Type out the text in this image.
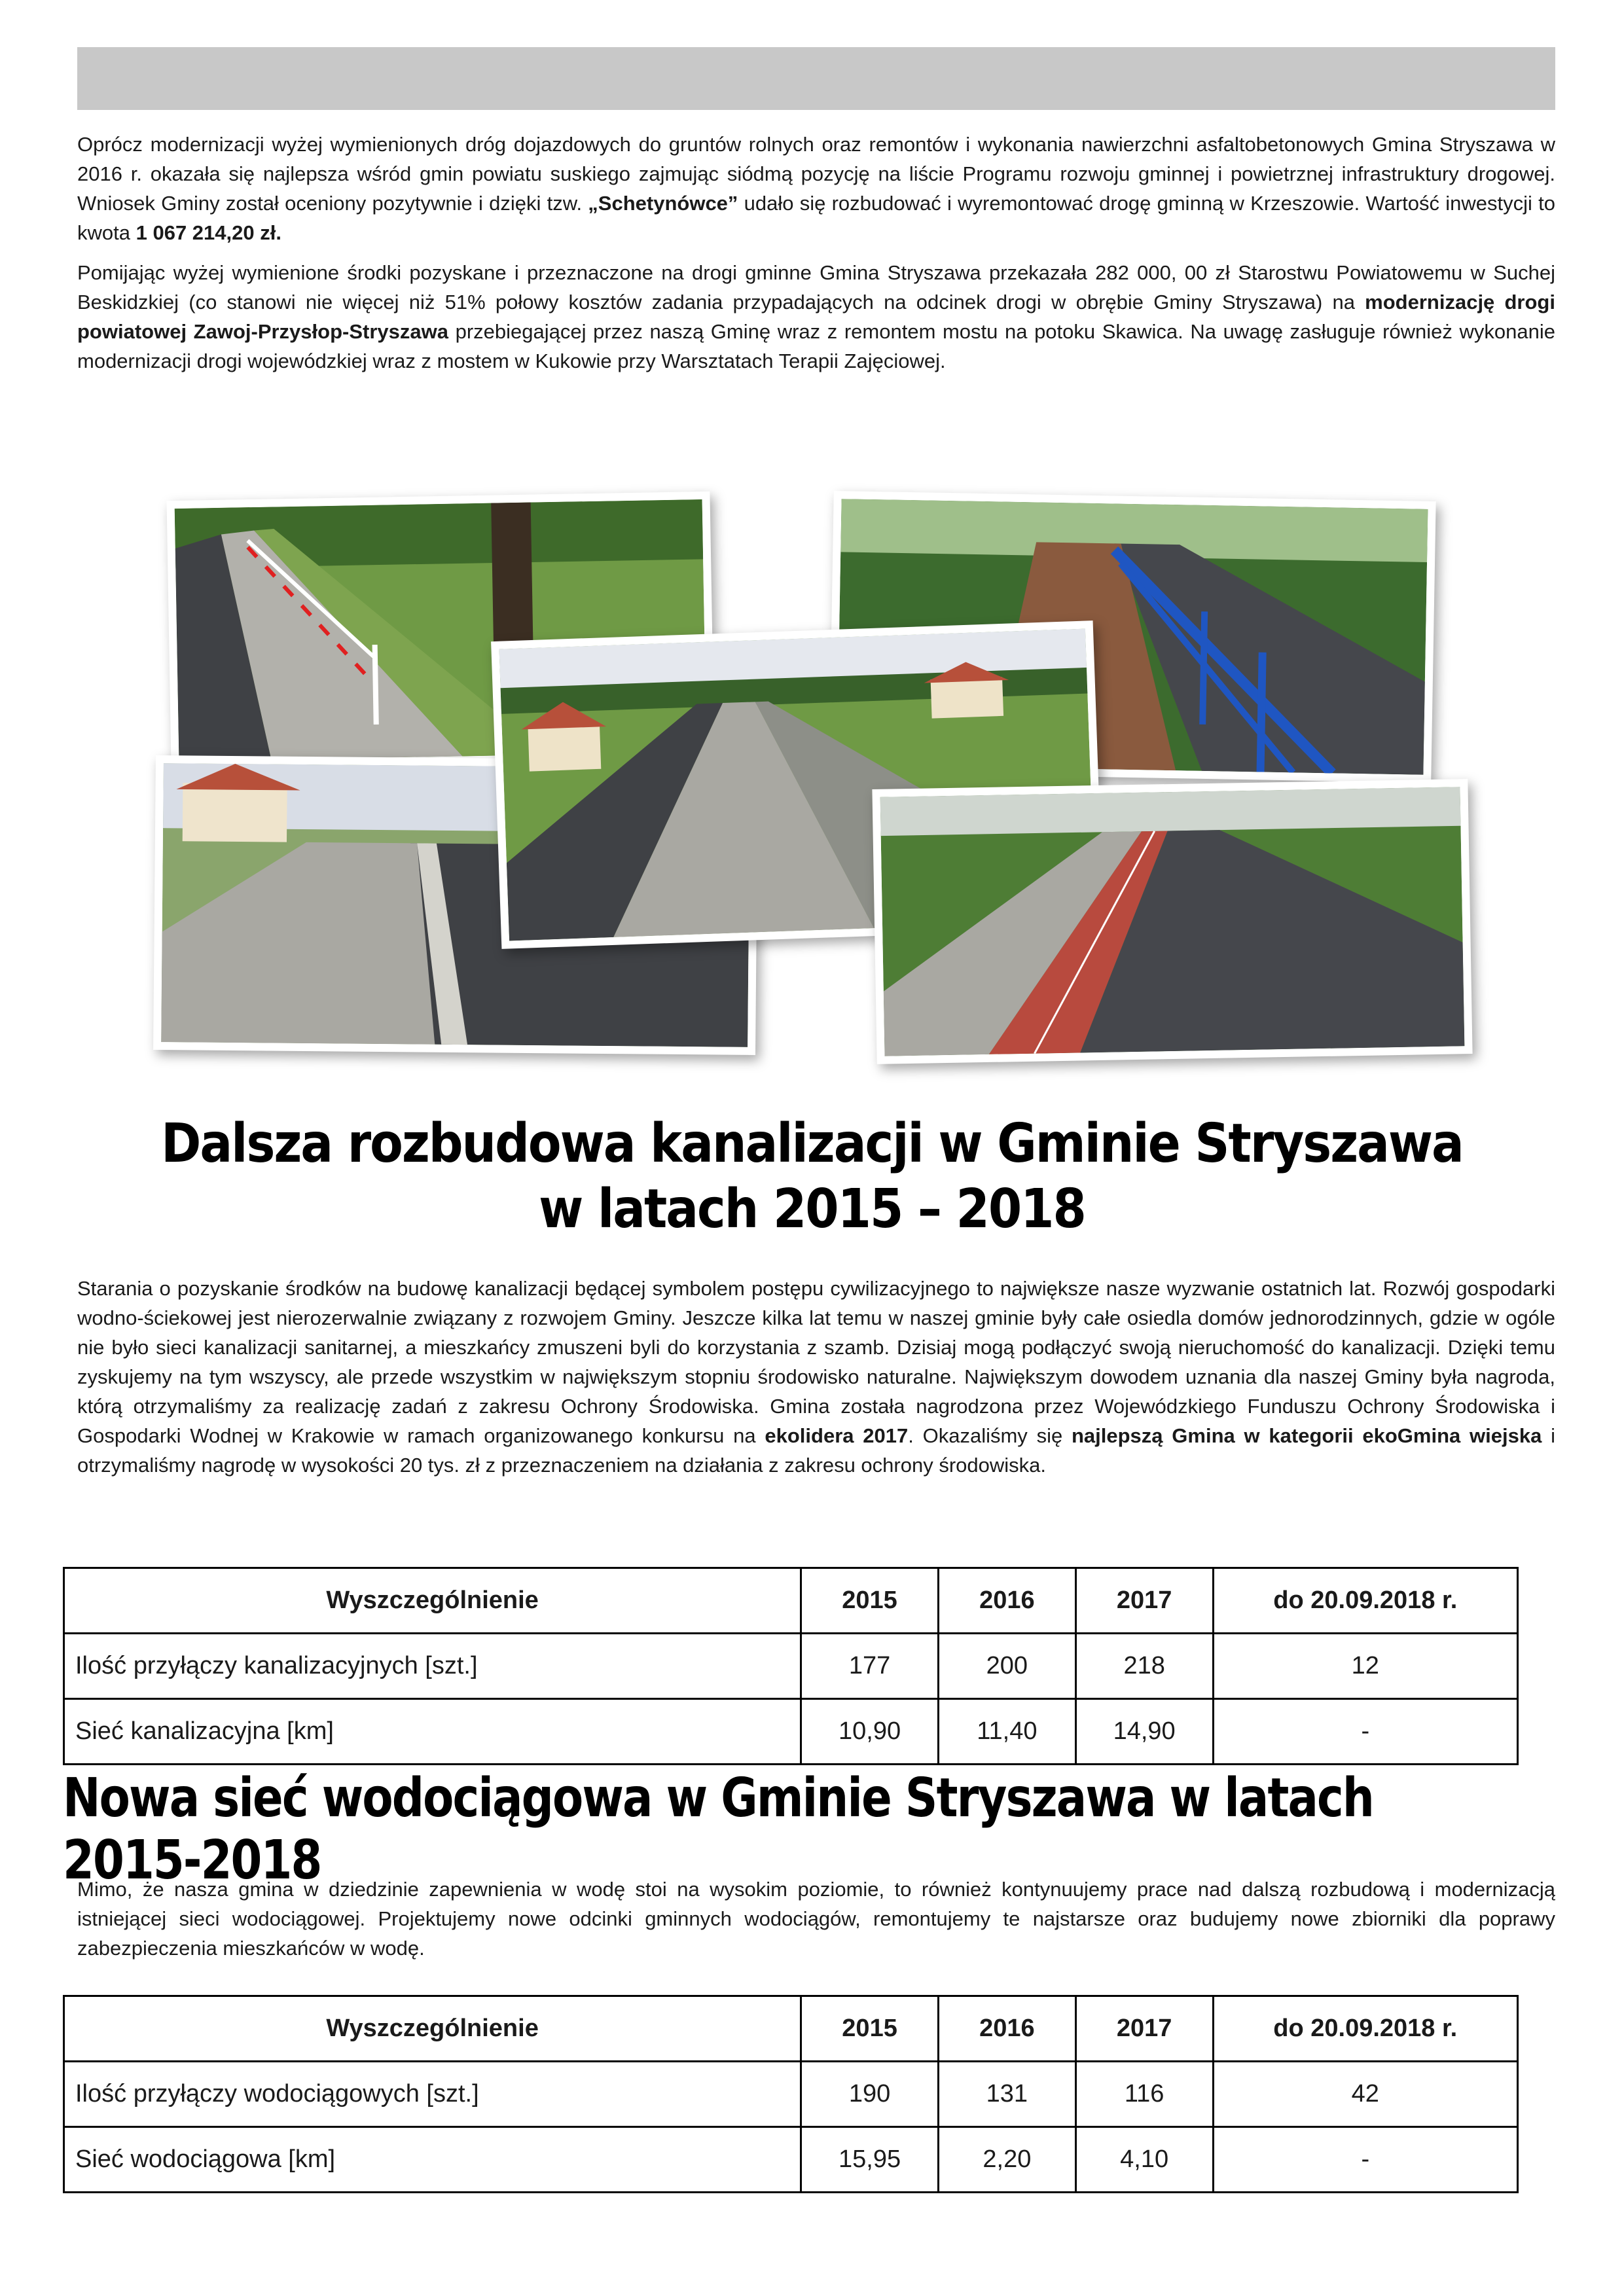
Oprócz modernizacji wyżej wymienionych dróg dojazdowych do gruntów rolnych oraz remontów i wykonania nawierzchni asfaltobetonowych Gmina Stryszawa w 2016 r. okazała się najlepsza wśród gmin powiatu suskiego zajmując siódmą pozycję na liście Programu rozwoju gminnej i powietrznej infrastruktury drogowej. Wniosek Gminy został oceniony pozytywnie i dzięki tzw. „Schetynówce” udało się rozbudować i wyremontować drogę gminną w Krzeszowie. Wartość inwestycji to kwota 1 067 214,20 zł.

Pomijając wyżej wymienione środki pozyskane i przeznaczone na drogi gminne Gmina Stryszawa przekazała 282 000, 00 zł Starostwu Powiatowemu w Suchej Beskidzkiej (co stanowi nie więcej niż 51% połowy kosztów zadania przypadających na odcinek drogi w obrębie Gminy Stryszawa) na modernizację drogi powiatowej Zawoj-Przysłop-Stryszawa przebiegającej przez naszą Gminę wraz z remontem mostu na potoku Skawica. Na uwagę zasługuje również wykonanie modernizacji drogi wojewódzkiej wraz z mostem w Kukowie przy Warsztatach Terapii Zajęciowej.

Dalsza rozbudowa kanalizacji w Gminie Stryszawa
w latach 2015 – 2018

Starania o pozyskanie środków na budowę kanalizacji będącej symbolem postępu cywilizacyjnego to największe nasze wyzwanie ostatnich lat. Rozwój gospodarki wodno-ściekowej jest nierozerwalnie związany z rozwojem Gminy. Jeszcze kilka lat temu w naszej gminie były całe osiedla domów jednorodzinnych, gdzie w ogóle nie było sieci kanalizacji sanitarnej, a mieszkańcy zmuszeni byli do korzystania z szamb. Dzisiaj mogą podłączyć swoją nieruchomość do kanalizacji. Dzięki temu zyskujemy na tym wszyscy, ale przede wszystkim w największym stopniu środowisko naturalne. Największym dowodem uznania dla naszej Gminy była nagroda, którą otrzymaliśmy za realizację zadań z zakresu Ochrony Środowiska. Gmina została nagrodzona przez Wojewódzkiego Funduszu Ochrony Środowiska i Gospodarki Wodnej w Krakowie w ramach organizowanego konkursu na ekolidera 2017. Okazaliśmy się najlepszą Gmina w kategorii ekoGmina wiejska i otrzymaliśmy nagrodę w wysokości 20 tys. zł z przeznaczeniem na działania z zakresu ochrony środowiska.

Wyszczególnienie	2015	2016	2017	do 20.09.2018 r.
Ilość przyłączy kanalizacyjnych [szt.]	177	200	218	12
Sieć kanalizacyjna [km]	10,90	11,40	14,90	-
Nowa sieć wodociągowa w Gminie Stryszawa w latach 2015-2018

Mimo, że nasza gmina w dziedzinie zapewnienia w wodę stoi na wysokim poziomie, to również kontynuujemy prace nad dalszą rozbudową i modernizacją istniejącej sieci wodociągowej. Projektujemy nowe odcinki gminnych wodociągów, remontujemy te najstarsze oraz budujemy nowe zbiorniki dla poprawy zabezpieczenia mieszkańców w wodę.

Wyszczególnienie	2015	2016	2017	do 20.09.2018 r.
Ilość przyłączy wodociągowych [szt.]	190	131	116	42
Sieć wodociągowa [km]	15,95	2,20	4,10	-
